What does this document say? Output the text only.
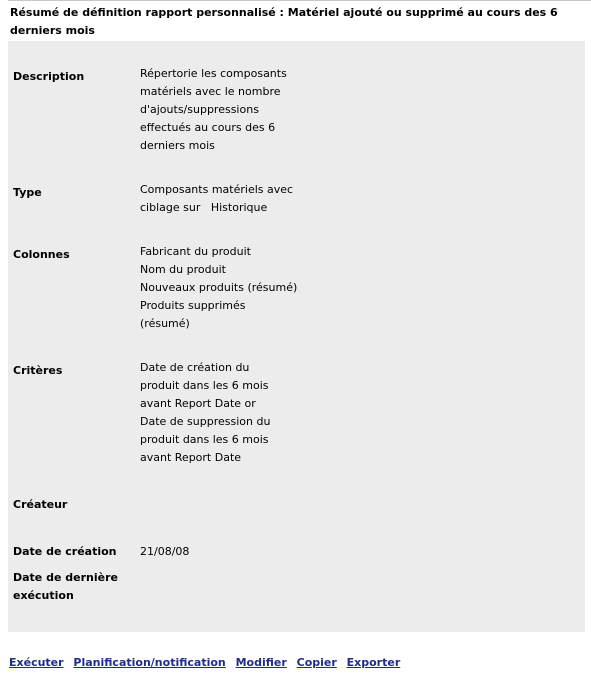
Résumé de définition rapport personnalisé : Matériel ajouté ou supprimé au cours des 6
derniers mois
Description	Répertorie les composants
matériels avec le nombre
d'ajouts/suppressions
effectués au cours des 6
derniers mois
Type	Composants matériels avec
ciblage sur   Historique
Colonnes	Fabricant du produit
Nom du produit
Nouveaux produits (résumé)
Produits supprimés
(résumé)
Critères	Date de création du
produit dans les 6 mois
avant Report Date or
Date de suppression du
produit dans les 6 mois
avant Report Date
Créateur
Date de création	21/08/08
Date de dernière
exécution
Exécuter Planification/notification Modifier Copier Exporter
